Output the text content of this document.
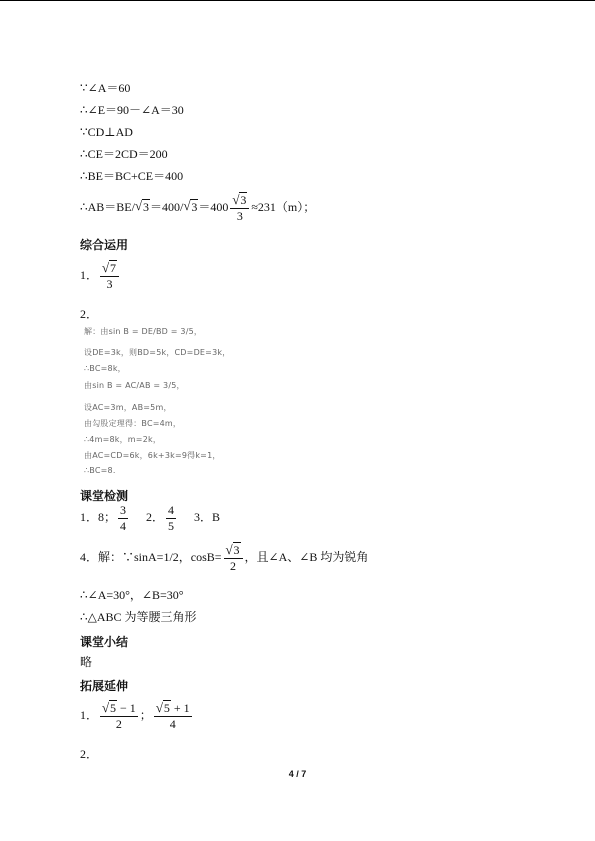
∵∠A＝60
∴∠E＝90－∠A＝30
∵CD⊥AD
∴CE＝2CD＝200
∴BE＝BC+CE＝400
∴AB＝BE/ √ 3＝400/ √ 3＝400 √ $\frac{3}{3} \approx 231(m)$；
综合运用
1． √ $\frac{7}{3}$
2．
解：由sin B = DE/BD = 3/5，
设DE=3k，则BD=5k，CD=DE=3k，
∴BC=8k，
由sin B = AC/AB = 3/5，
设AC=3m，AB=5m，
由勾股定理得：BC=4m，
∴4m=8k，m=2k，
由AC=CD=6k，6k+3k=9得k=1，
∴BC=8.
课堂检测
1．8； $\frac{3}{4} 2$． $\frac{4}{5} 3$．B
4．解：∵sinA=1/2，cosB= √ $\frac{3}{2}$ ，且∠A、∠B 均为锐角
∴∠A=30°，∠B=30°
∴△ABC 为等腰三角形
课堂小结
略
拓展延伸
1． √ $\frac{5 - 1}{2}$ ； √ $\frac{5 + 1}{4}$
2．
4 / 7
